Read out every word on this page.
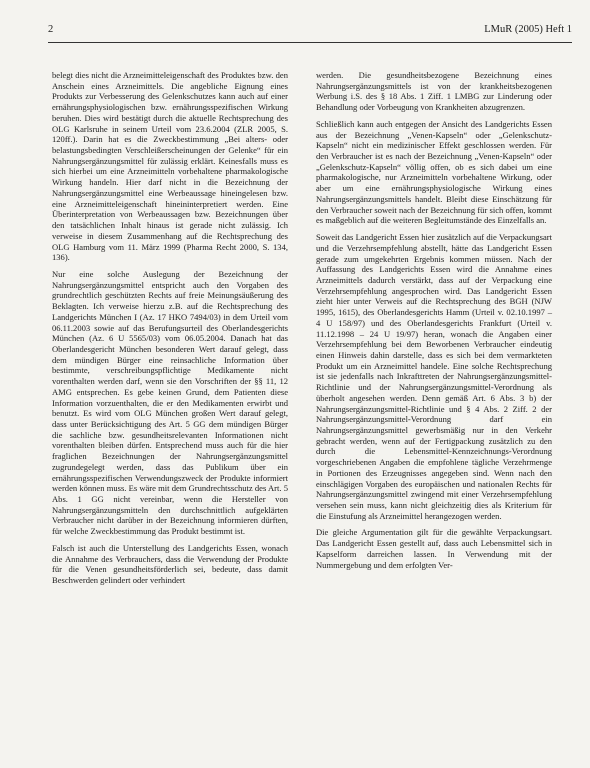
2	LMuR (2005) Heft 1

belegt dies nicht die Arzneimitteleigenschaft des Produktes bzw. den Anschein eines Arzneimittels. Die angebliche Eignung eines Produkts zur Verbesserung des Gelenkschutzes kann auch auf einer ernährungsphysiologischen bzw. ernährungsspezifischen Wirkung beruhen. Dies wird bestätigt durch die aktuelle Rechtsprechung des OLG Karlsruhe in seinem Urteil vom 23.6.2004 (ZLR 2005, S. 120ff.). Darin hat es die Zweckbestimmung „Bei alters- oder belastungsbedingten Verschleißerscheinungen der Gelenke“ für ein Nahrungsergänzungsmittel für zulässig erklärt. Keinesfalls muss es sich hierbei um eine Arzneimitteln vorbehaltene pharmakologische Wirkung handeln. Hier darf nicht in die Bezeichnung der Nahrungsergänzungsmittel eine Werbeaussage hineingelesen bzw. eine Arzneimitteleigenschaft hineininterpretiert werden. Eine Überinterpretation von Werbeaussagen bzw. Bezeichnungen über den tatsächlichen Inhalt hinaus ist gerade nicht zulässig. Ich verweise in diesem Zusammenhang auf die Rechtsprechung des OLG Hamburg vom 11. März 1999 (Pharma Recht 2000, S. 134, 136).

Nur eine solche Auslegung der Bezeichnung der Nahrungsergänzungsmittel entspricht auch den Vorgaben des grundrechtlich geschützten Rechts auf freie Meinungsäußerung des Beklagten. Ich verweise hierzu z.B. auf die Rechtsprechung des Landgerichts München I (Az. 17 HKO 7494/03) in dem Urteil vom 06.11.2003 sowie auf das Berufungsurteil des Oberlandesgerichts München (Az. 6 U 5565/03) vom 06.05.2004. Danach hat das Oberlandesgericht München besonderen Wert darauf gelegt, dass dem mündigen Bürger eine reinsachliche Information über bestimmte, verschreibungspflichtige Medikamente nicht vorenthalten werden darf, wenn sie den Vorschriften der §§ 11, 12 AMG entsprechen. Es gebe keinen Grund, dem Patienten diese Information vorzuenthalten, die er den Medikamenten erwirbt und benutzt. Es wird vom OLG München großen Wert darauf gelegt, dass unter Berücksichtigung des Art. 5 GG dem mündigen Bürger die sachliche bzw. gesundheitsrelevanten Informationen nicht vorenthalten bleiben dürfen. Entsprechend muss auch für die hier fraglichen Bezeichnungen der Nahrungsergänzungsmittel zugrundegelegt werden, dass das Publikum über ein ernährungsspezifischen Verwendungszweck der Produkte informiert werden können muss. Es wäre mit dem Grundrechtsschutz des Art. 5 Abs. 1 GG nicht vereinbar, wenn die Hersteller von Nahrungsergänzungsmitteln den durchschnittlich aufgeklärten Verbraucher nicht darüber in der Bezeichnung informieren dürften, für welche Zweckbestimmung das Produkt bestimmt ist.

Falsch ist auch die Unterstellung des Landgerichts Essen, wonach die Annahme des Verbrauchers, dass die Verwendung der Produkte für die Venen gesundheitsförderlich sei, bedeute, dass damit Beschwerden gelindert oder verhindert

werden. Die gesundheitsbezogene Bezeichnung eines Nahrungsergänzungsmittels ist von der krankheitsbezogenen Werbung i.S. des § 18 Abs. 1 Ziff. 1 LMBG zur Linderung oder Behandlung oder Vorbeugung von Krankheiten abzugrenzen.

Schließlich kann auch entgegen der Ansicht des Landgerichts Essen aus der Bezeichnung „Venen-Kapseln“ oder „Gelenkschutz-Kapseln“ nicht ein medizinischer Effekt geschlossen werden. Für den Verbraucher ist es nach der Bezeichnung „Venen-Kapseln“ oder „Gelenkschutz-Kapseln“ völlig offen, ob es sich dabei um eine pharmakologische, nur Arzneimitteln vorbehaltene Wirkung, oder aber um eine ernährungsphysiologische Wirkung eines Nahrungsergänzungsmittels handelt. Bleibt diese Einschätzung für den Verbraucher soweit nach der Bezeichnung für sich offen, kommt es maßgeblich auf die weiteren Begleitumstände des Einzelfalls an.

Soweit das Landgericht Essen hier zusätzlich auf die Verpackungsart und die Verzehrsempfehlung abstellt, hätte das Landgericht Essen gerade zum umgekehrten Ergebnis kommen müssen. Nach der Auffassung des Landgerichts Essen wird die Annahme eines Arzneimittels dadurch verstärkt, dass auf der Verpackung eine Verzehrsempfehlung angesprochen wird. Das Landgericht Essen zieht hier unter Verweis auf die Rechtsprechung des BGH (NJW 1995, 1615), des Oberlandesgerichts Hamm (Urteil v. 02.10.1997 – 4 U 158/97) und des Oberlandesgerichts Frankfurt (Urteil v. 11.12.1998 – 24 U 19/97) heran, wonach die Angaben einer Verzehrsempfehlung bei dem Beworbenen Verbraucher eindeutig einen Hinweis dahin darstelle, dass es sich bei dem vermarkteten Produkt um ein Arzneimittel handele. Eine solche Rechtsprechung ist sie jedenfalls nach Inkrafttreten der Nahrungsergänzungsmittel-Richtlinie und der Nahrungsergänzungsmittel-Verordnung als überholt angesehen werden. Denn gemäß Art. 6 Abs. 3 b) der Nahrungsergänzungsmittel-Richtlinie und § 4 Abs. 2 Ziff. 2 der Nahrungsergänzungsmittel-Verordnung darf ein Nahrungsergänzungsmittel gewerbsmäßig nur in den Verkehr gebracht werden, wenn auf der Fertigpackung zusätzlich zu den durch die Lebensmittel-Kennzeichnungs-Verordnung vorgeschriebenen Angaben die empfohlene tägliche Verzehrmenge in Portionen des Erzeugnisses angegeben sind. Wenn nach den einschlägigen Vorgaben des europäischen und nationalen Rechts für Nahrungsergänzungsmittel zwingend mit einer Verzehrsempfehlung versehen sein muss, kann nicht gleichzeitig dies als Kriterium für die Einstufung als Arzneimittel herangezogen werden.

Die gleiche Argumentation gilt für die gewählte Verpackungsart. Das Landgericht Essen gestellt auf, dass auch Lebensmittel sich in Kapselform darreichen lassen. In Verwendung mit der Nummergebung und dem erfolgten Ver-
